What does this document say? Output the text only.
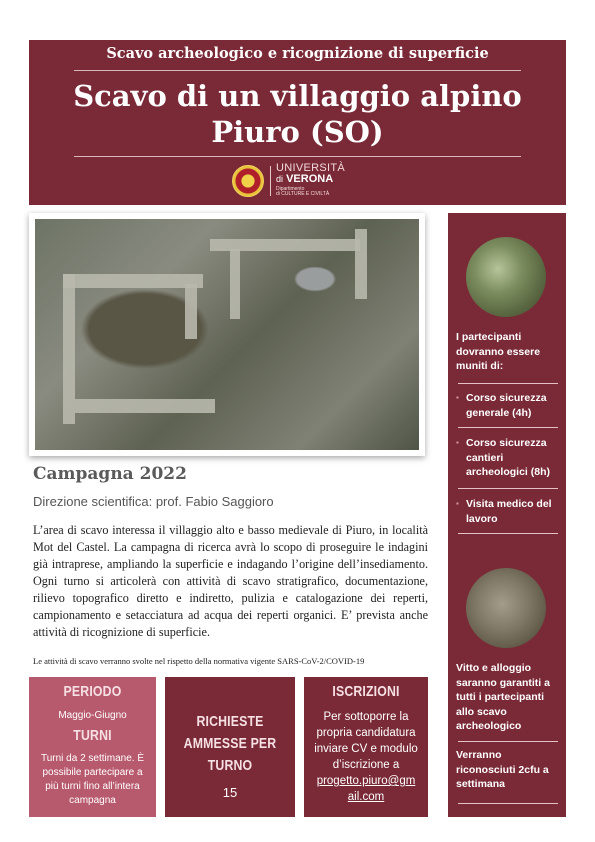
Scavo archeologico e ricognizione di superficie
Scavo di un villaggio alpino
Piuro (SO)
UNIVERSITÀ
di VERONA
Dipartimento
di CULTURE E CIVILTÀ
I partecipanti dovranno essere muniti di:
▪ Corso sicurezza generale (4h)
▪ Corso sicurezza cantieri archeologici (8h)
▪ Visita medico del lavoro
Vitto e alloggio saranno garantiti a tutti i partecipanti allo scavo archeologico
Verranno riconosciuti 2cfu a settimana
Campagna 2022
Direzione scientifica: prof. Fabio Saggioro
L’area di scavo interessa il villaggio alto e basso medievale di Piuro, in località Mot del Castel. La campagna di ricerca avrà lo scopo di proseguire le indagini già intraprese, ampliando la superficie e indagando l’origine dell’insediamento. Ogni turno si articolerà con attività di scavo stratigrafico, documentazione, rilievo topografico diretto e indiretto, pulizia e catalogazione dei reperti, campionamento e setacciatura ad acqua dei reperti organici. E’ prevista anche attività di ricognizione di superficie.
Le attività di scavo verranno svolte nel rispetto della normativa vigente SARS-CoV-2/COVID-19
PERIODO
Maggio-Giugno
TURNI
Turni da 2 settimane. È possibile partecipare a più turni fino all’intera campagna
RICHIESTE AMMESSE PER TURNO
15
ISCRIZIONI
Per sottoporre la propria candidatura inviare CV e modulo d’iscrizione a
progetto.piuro@gmail.com
